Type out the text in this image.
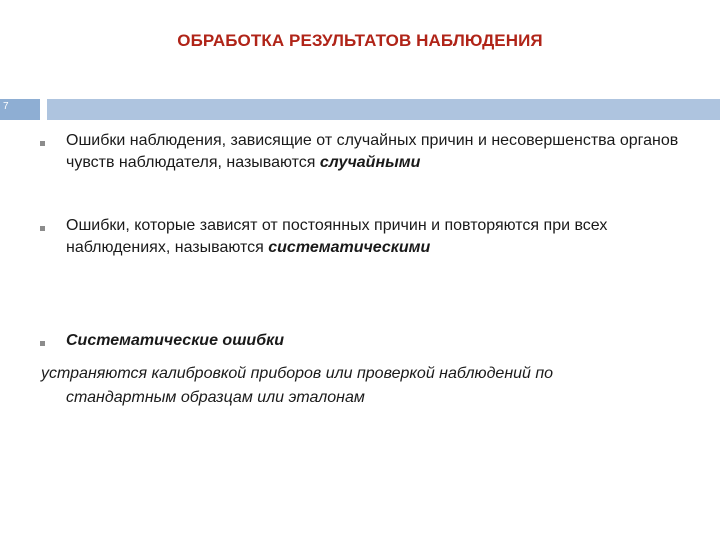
ОБРАБОТКА РЕЗУЛЬТАТОВ НАБЛЮДЕНИЯ
7
Ошибки наблюдения, зависящие от случайных причин и несовершенства органов чувств наблюдателя, называются случайными
Ошибки, которые зависят от постоянных причин и повторяются при всех наблюдениях, называются систематическими
Систематические ошибки
устраняются калибровкой приборов или проверкой наблюдений по
стандартным образцам или эталонам
